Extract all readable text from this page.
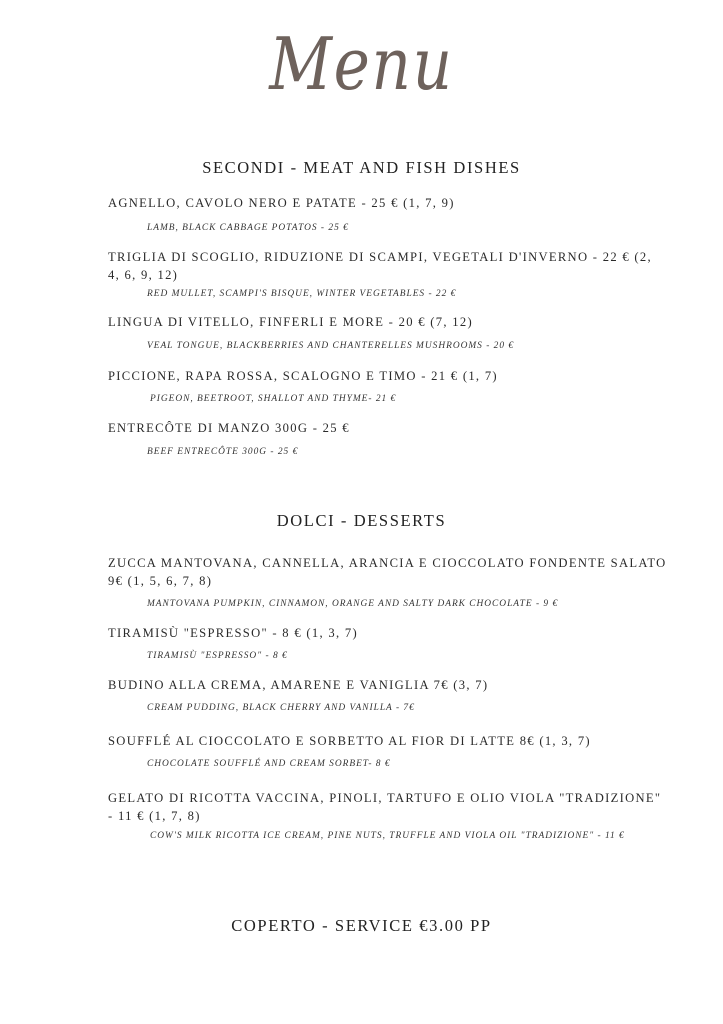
Menu
SECONDI - MEAT AND FISH DISHES
AGNELLO, CAVOLO NERO E PATATE - 25 € (1, 7, 9)
LAMB, BLACK CABBAGE POTATOS - 25 €
TRIGLIA DI SCOGLIO, RIDUZIONE DI SCAMPI, VEGETALI D'INVERNO - 22 € (2, 4, 6, 9, 12)
RED MULLET, SCAMPI'S BISQUE, WINTER VEGETABLES - 22 €
LINGUA DI VITELLO, FINFERLI E MORE - 20 € (7, 12)
VEAL TONGUE, BLACKBERRIES AND CHANTERELLES MUSHROOMS - 20 €
PICCIONE, RAPA ROSSA, SCALOGNO E TIMO - 21 € (1, 7)
PIGEON, BEETROOT, SHALLOT AND THYME- 21 €
ENTRECÔTE DI MANZO 300G - 25 €
BEEF ENTRECÔTE 300G - 25 €
DOLCI - DESSERTS
ZUCCA MANTOVANA, CANNELLA, ARANCIA E CIOCCOLATO FONDENTE SALATO 9€ (1, 5, 6, 7, 8)
MANTOVANA PUMPKIN, CINNAMON, ORANGE AND SALTY DARK CHOCOLATE - 9 €
TIRAMISÙ "ESPRESSO" - 8 € (1, 3, 7)
TIRAMISÙ "ESPRESSO" - 8 €
BUDINO ALLA CREMA, AMARENE E VANIGLIA 7€ (3, 7)
CREAM PUDDING, BLACK CHERRY AND VANILLA - 7€
SOUFFLÉ AL CIOCCOLATO E SORBETTO AL FIOR DI LATTE 8€ (1, 3, 7)
CHOCOLATE SOUFFLÉ AND CREAM SORBET- 8 €
GELATO DI RICOTTA VACCINA, PINOLI, TARTUFO E OLIO VIOLA "TRADIZIONE" - 11 € (1, 7, 8)
COW'S MILK RICOTTA ICE CREAM, PINE NUTS, TRUFFLE AND VIOLA OIL "TRADIZIONE" - 11 €
COPERTO - SERVICE €3.00 PP
